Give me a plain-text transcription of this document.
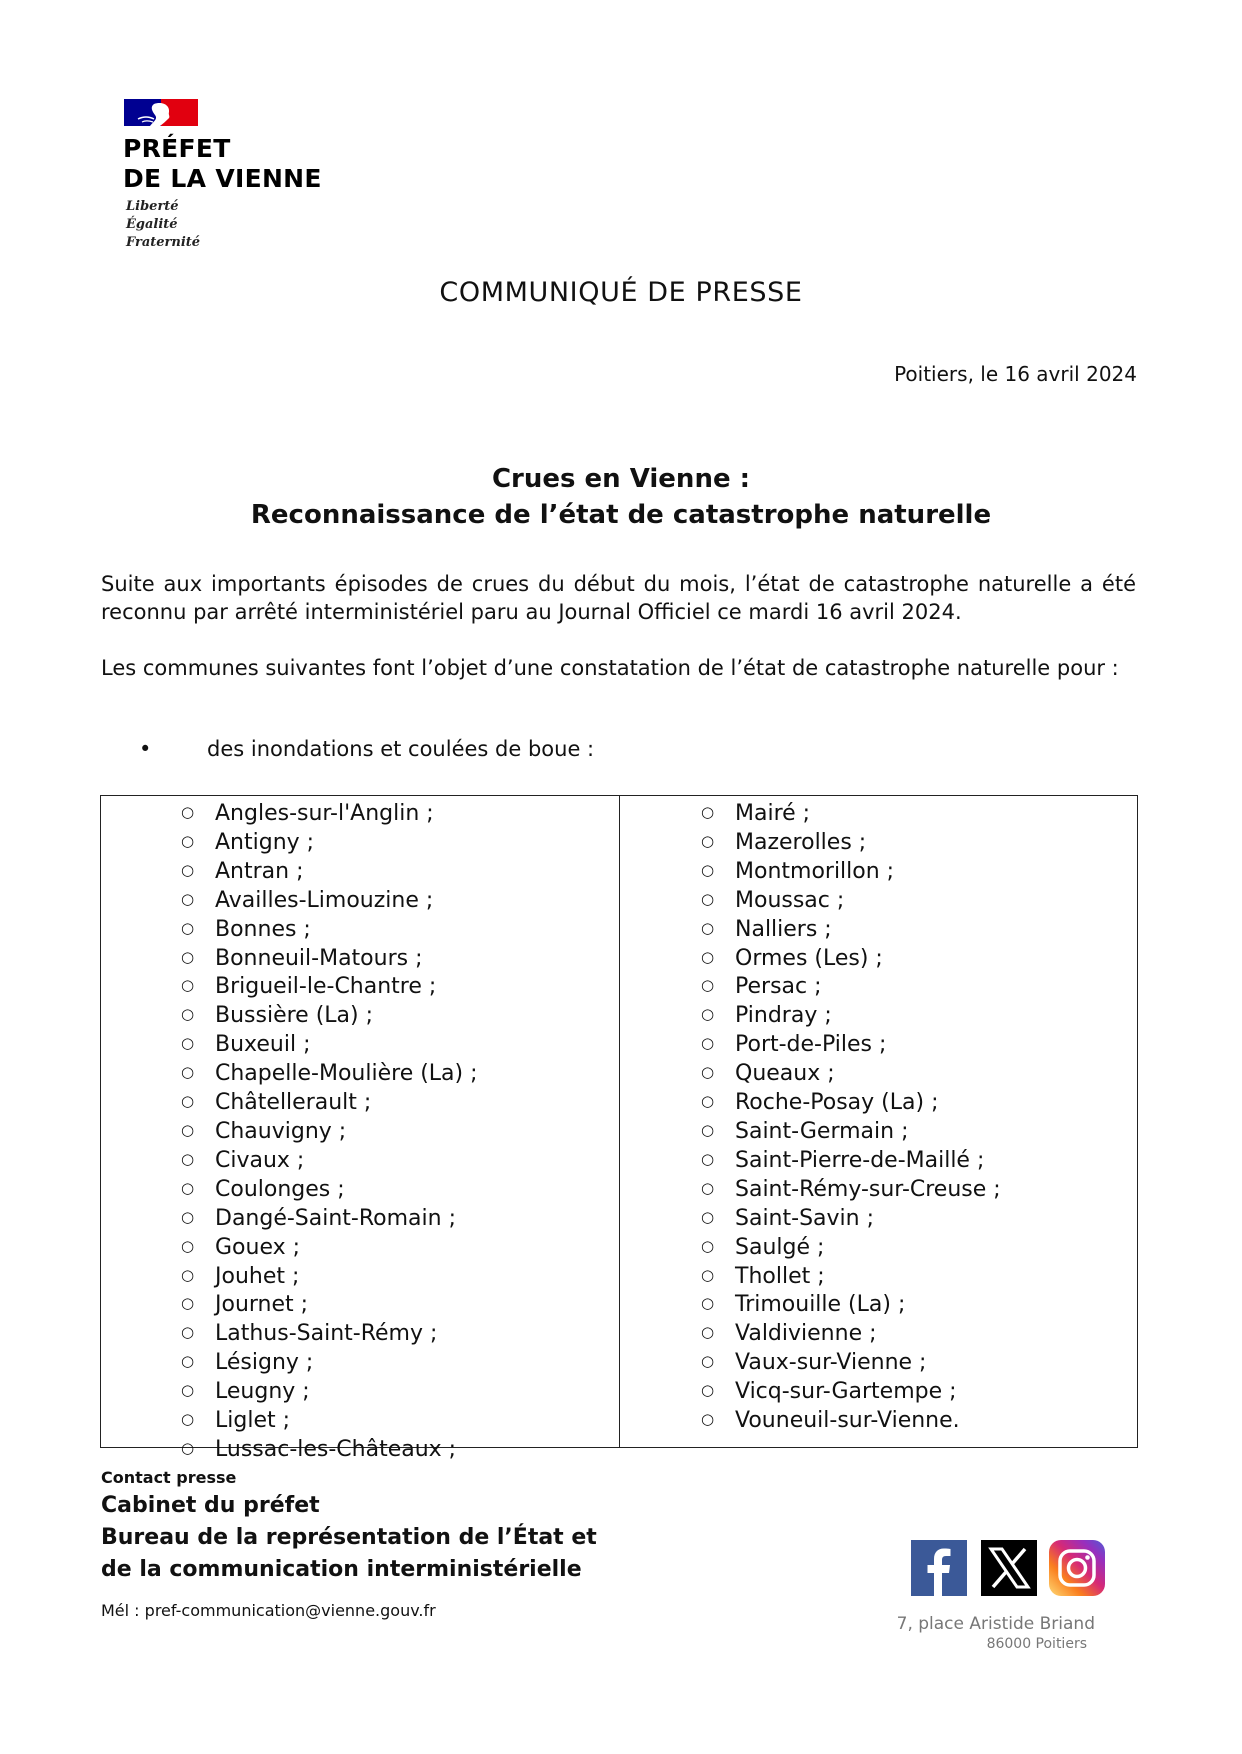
PRÉFET
DE LA VIENNE
Liberté
Égalité
Fraternité
COMMUNIQUÉ DE PRESSE
Poitiers, le 16 avril 2024
Crues en Vienne :
Reconnaissance de l’état de catastrophe naturelle
Suite aux importants épisodes de crues du début du mois, l’état de catastrophe naturelle a été reconnu par arrêté interministériel paru au Journal Officiel ce mardi 16 avril 2024.
Les communes suivantes font l’objet d’une constatation de l’état de catastrophe naturelle pour :
•	des inondations et coulées de boue :
○ Angles-sur-l'Anglin ;
○ Antigny ;
○ Antran ;
○ Availles-Limouzine ;
○ Bonnes ;
○ Bonneuil-Matours ;
○ Brigueil-le-Chantre ;
○ Bussière (La) ;
○ Buxeuil ;
○ Chapelle-Moulière (La) ;
○ Châtellerault ;
○ Chauvigny ;
○ Civaux ;
○ Coulonges ;
○ Dangé-Saint-Romain ;
○ Gouex ;
○ Jouhet ;
○ Journet ;
○ Lathus-Saint-Rémy ;
○ Lésigny ;
○ Leugny ;
○ Liglet ;
○ Lussac-les-Châteaux ;
○ Mairé ;
○ Mazerolles ;
○ Montmorillon ;
○ Moussac ;
○ Nalliers ;
○ Ormes (Les) ;
○ Persac ;
○ Pindray ;
○ Port-de-Piles ;
○ Queaux ;
○ Roche-Posay (La) ;
○ Saint-Germain ;
○ Saint-Pierre-de-Maillé ;
○ Saint-Rémy-sur-Creuse ;
○ Saint-Savin ;
○ Saulgé ;
○ Thollet ;
○ Trimouille (La) ;
○ Valdivienne ;
○ Vaux-sur-Vienne ;
○ Vicq-sur-Gartempe ;
○ Vouneuil-sur-Vienne.
Contact presse
Cabinet du préfet
Bureau de la représentation de l’État et
de la communication interministérielle
Mél : pref-communication@vienne.gouv.fr
7, place Aristide Briand
86000 Poitiers
